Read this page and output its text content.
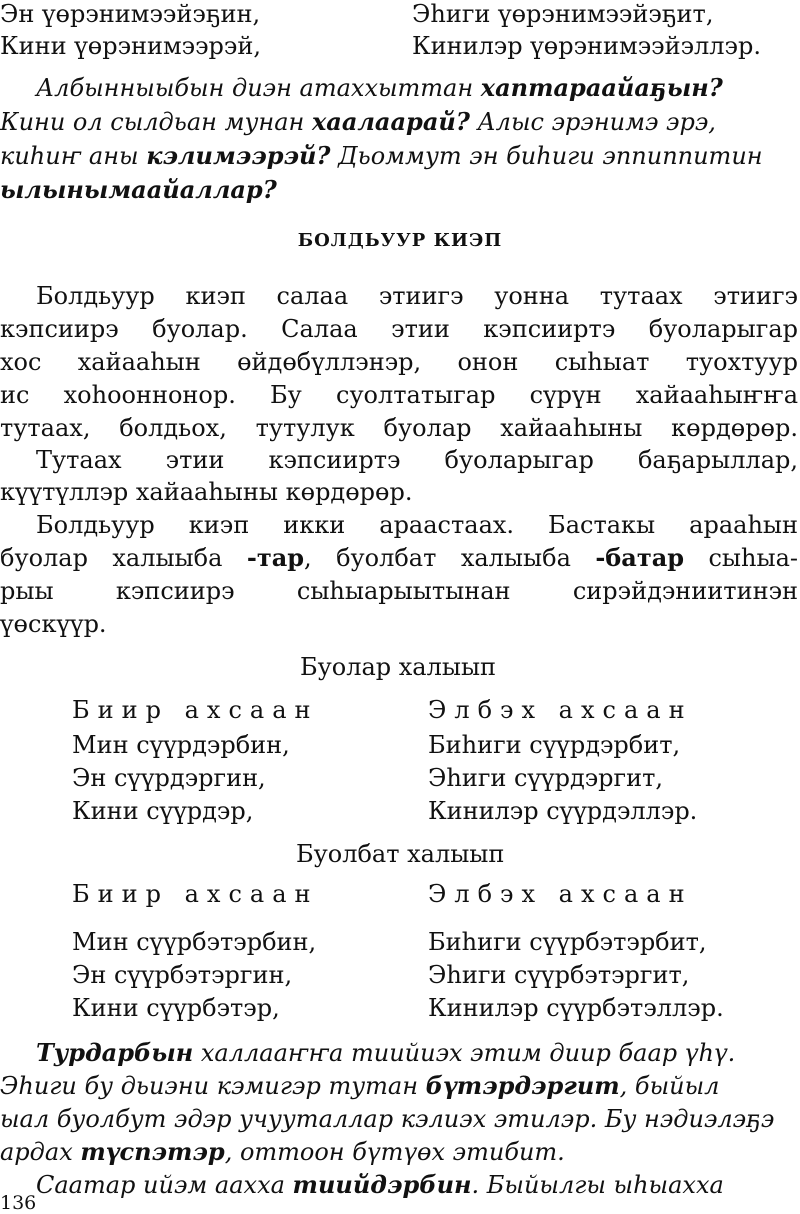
Эн үөрэнимээйэҕин,	Эһиги үөрэнимээйэҕит,
Кини үөрэнимээрэй,	Кинилэр үөрэнимээйэллэр.
Албынныыбын диэн атаххыттан хаптараайаҕын?
Кини ол сылдьан мунан хаалаарай? Алыс эрэнимэ эрэ,
киһиҥ аны кэлимээрэй? Дьоммут эн биһиги эппиппитин
ылынымаайаллар?
БОЛДЬУУР КИЭП
Болдьуур киэп салаа этиигэ уонна тутаах этиигэ
кэпсиирэ буолар. Салаа этии кэпсииртэ буоларыгар
хос хайааһын өйдөбүллэнэр, онон сыһыат туохтуур
ис хоһооннонор. Бу суолтатыгар сүрүн хайааһыҥҥа
тутаах, болдьох, тутулук буолар хайааһыны көрдөрөр.
Тутаах этии кэпсииртэ буоларыгар баҕарыллар,
күүтүллэр хайааһыны көрдөрөр.
Болдьуур киэп икки араастаах. Бастакы арааһын
буолар халыыба -тар, буолбат халыыба -батар сыһыа-
рыы кэпсиирэ сыһыарыытынан сирэйдэниитинэн
үөскүүр.
Буолар халыып
Биир ахсаан	Элбэх ахсаан
Мин сүүрдэрбин,	Биһиги сүүрдэрбит,
Эн сүүрдэргин,	Эһиги сүүрдэргит,
Кини сүүрдэр,	Кинилэр сүүрдэллэр.
Буолбат халыып
Биир ахсаан	Элбэх ахсаан
Мин сүүрбэтэрбин,	Биһиги сүүрбэтэрбит,
Эн сүүрбэтэргин,	Эһиги сүүрбэтэргит,
Кини сүүрбэтэр,	Кинилэр сүүрбэтэллэр.
Турдарбын халлааҥҥа тиийиэх этим диир баар үһү.
Эһиги бу дьиэни кэмигэр тутан бүтэрдэргит, быйыл
ыал буолбут эдэр учууталлар кэлиэх этилэр. Бу нэдиэлэҕэ
ардах түспэтэр, оттоон бүтүөх этибит.
Саатар ийэм аахха тиийдэрбин. Быйылгы ыһыахха
136
